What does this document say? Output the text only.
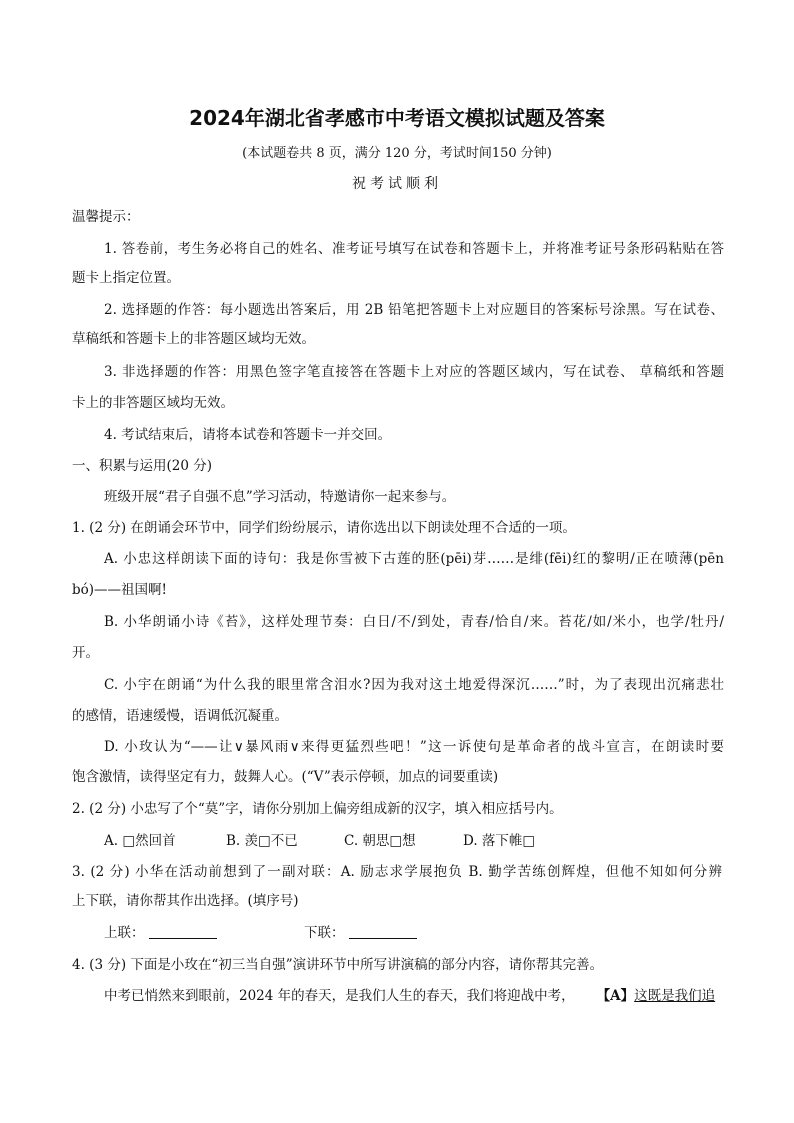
2024年湖北省孝感市中考语文模拟试题及答案
(本试题卷共 8 页，满分 120 分，考试时间150 分钟)
祝考试顺利
温馨提示：
1. 答卷前，考生务必将自己的姓名、准考证号填写在试卷和答题卡上，并将准考证号条形码粘贴在答
题卡上指定位置。
2. 选择题的作答：每小题选出答案后，用 2B 铅笔把答题卡上对应题目的答案标号涂黑。写在试卷、
草稿纸和答题卡上的非答题区域均无效。
3. 非选择题的作答：用黑色签字笔直接答在答题卡上对应的答题区域内，写在试卷、 草稿纸和答题
卡上的非答题区域均无效。
4. 考试结束后，请将本试卷和答题卡一并交回。
一、积累与运用(20 分)
班级开展“君子自强不息”学习活动，特邀请你一起来参与。
1. (2 分) 在朗诵会环节中，同学们纷纷展示，请你选出以下朗读处理不合适的一项。
A. 小忠这样朗读下面的诗句：我是你雪被下古莲的胚(pēi)芽……是绯(fēi)红的黎明/正在喷薄(pēn
bó)——祖国啊!
B. 小华朗诵小诗《苔》，这样处理节奏：白日/不/到处，青春/恰自/来。苔花/如/米小，也学/牡丹/
开。
C. 小宇在朗诵“为什么我的眼里常含泪水?因为我对这土地爱得深沉……”时，为了表现出沉痛悲壮
的感情，语速缓慢，语调低沉凝重。
D. 小玫认为“——让∨暴风雨∨来得更猛烈些吧！”这一诉使句是革命者的战斗宣言，在朗读时要
饱含激情，读得坚定有力，鼓舞人心。(“V”表示停顿，加点的词要重读)
2. (2 分) 小忠写了个“莫”字，请你分别加上偏旁组成新的汉字，填入相应括号内。
A. □然回首	B. 羡□不已	C. 朝思□想	D. 落下帷□
3. (2 分) 小华在活动前想到了一副对联：A. 励志求学展抱负 B. 勤学苦练创辉煌，但他不知如何分辨
上下联，请你帮其作出选择。(填序号)
上联：	下联：
4. (3 分) 下面是小玫在“初三当自强”演讲环节中所写讲演稿的部分内容，请你帮其完善。
中考已悄然来到眼前，2024 年的春天，是我们人生的春天，我们将迎战中考， 【A】这既是我们追
